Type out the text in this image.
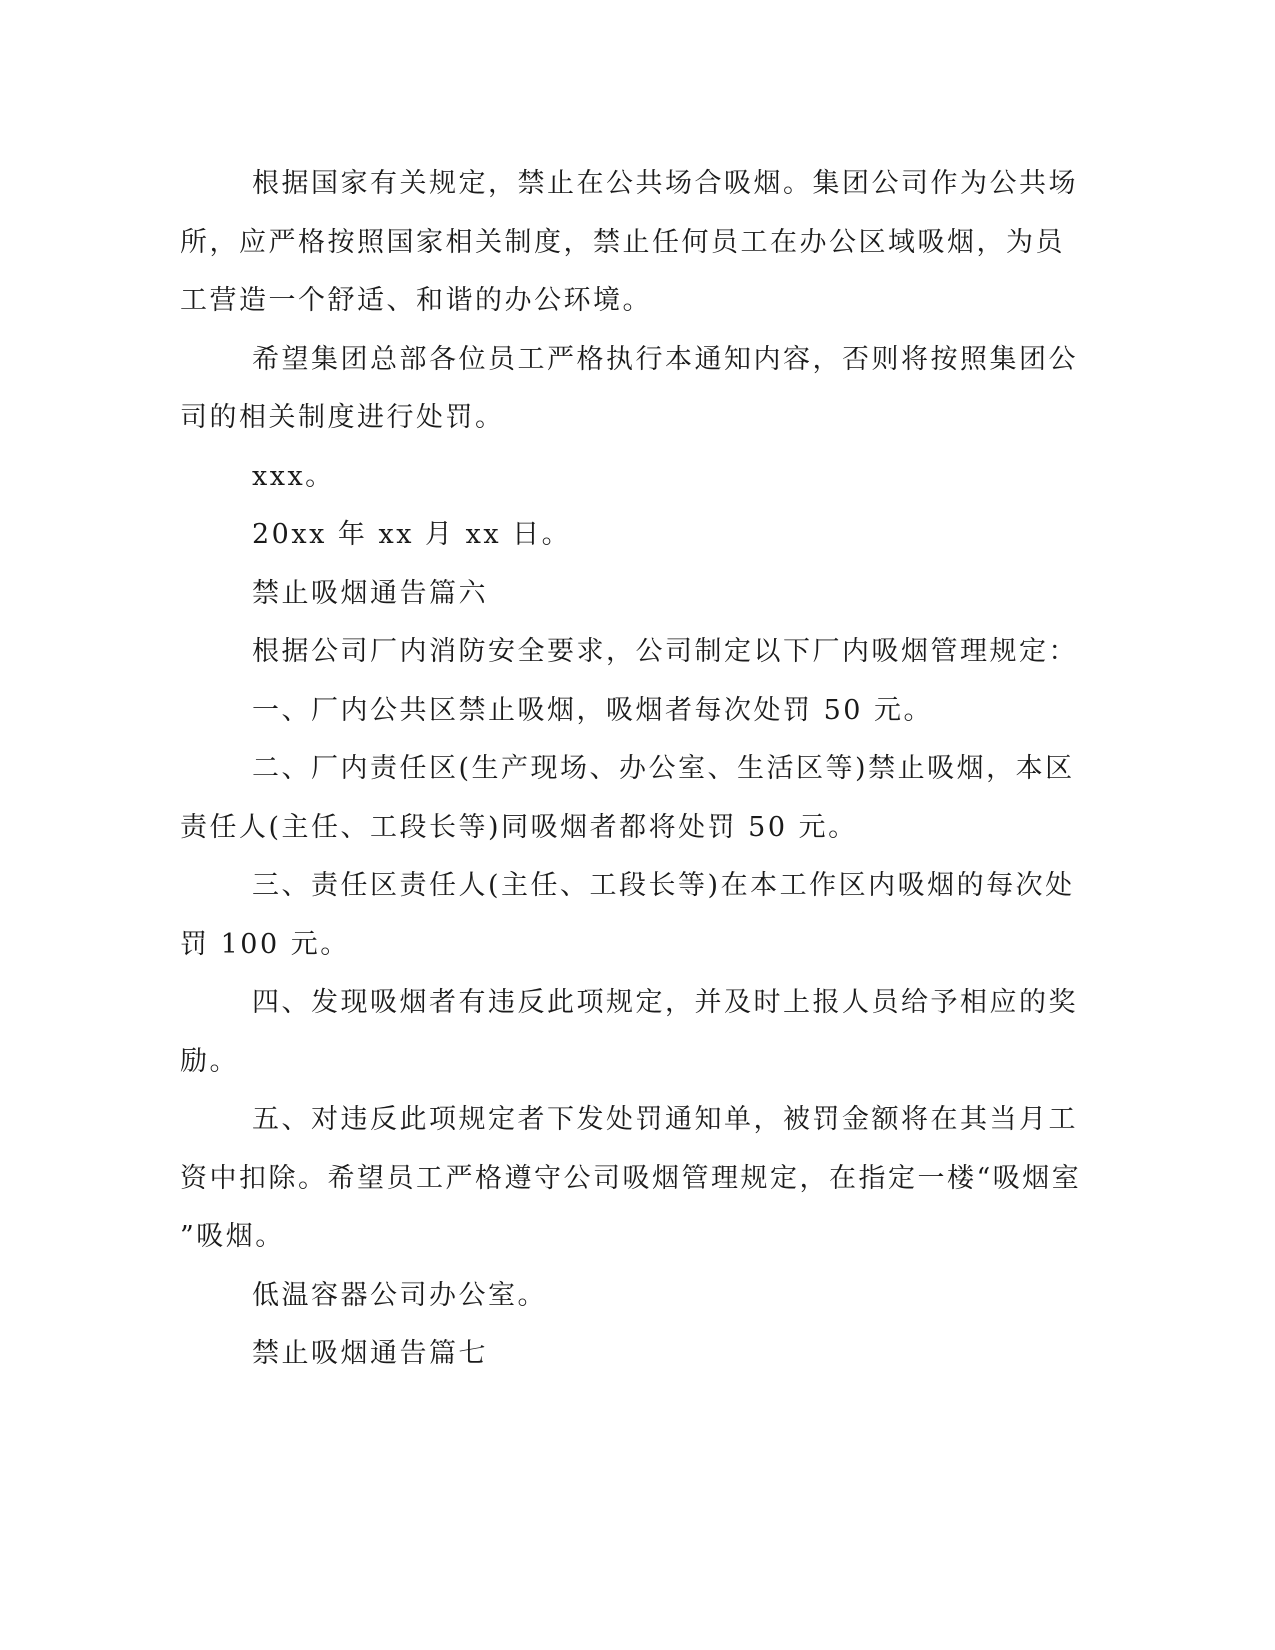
根据国家有关规定，禁止在公共场合吸烟。集团公司作为公共场
所，应严格按照国家相关制度，禁止任何员工在办公区域吸烟，为员
工营造一个舒适、和谐的办公环境。
希望集团总部各位员工严格执行本通知内容，否则将按照集团公
司的相关制度进行处罚。
xxx。
20xx 年 xx 月 xx 日。
禁止吸烟通告篇六
根据公司厂内消防安全要求，公司制定以下厂内吸烟管理规定：
一、厂内公共区禁止吸烟，吸烟者每次处罚 50 元。
二、厂内责任区(生产现场、办公室、生活区等)禁止吸烟，本区
责任人(主任、工段长等)同吸烟者都将处罚 50 元。
三、责任区责任人(主任、工段长等)在本工作区内吸烟的每次处
罚 100 元。
四、发现吸烟者有违反此项规定，并及时上报人员给予相应的奖
励。
五、对违反此项规定者下发处罚通知单，被罚金额将在其当月工
资中扣除。希望员工严格遵守公司吸烟管理规定，在指定一楼“吸烟室
”吸烟。
低温容器公司办公室。
禁止吸烟通告篇七
